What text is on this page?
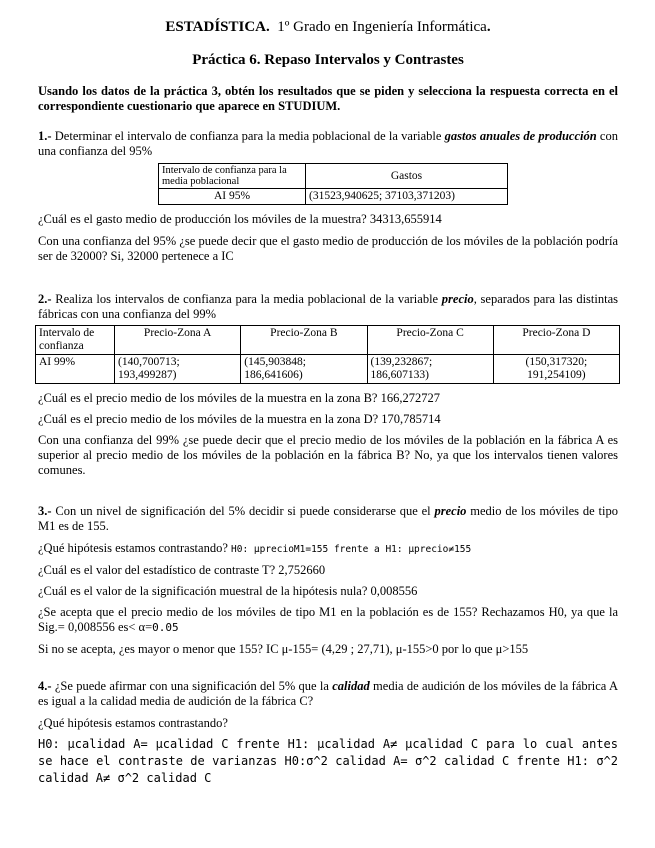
ESTADÍSTICA. 1º Grado en Ingeniería Informática.
Práctica 6. Repaso Intervalos y Contrastes
Usando los datos de la práctica 3, obtén los resultados que se piden y selecciona la respuesta correcta en el correspondiente cuestionario que aparece en STUDIUM.
1.- Determinar el intervalo de confianza para la media poblacional de la variable gastos anuales de producción con una confianza del 95%
Intervalo de confianza para la media poblacional	Gastos
AI 95%	(31523,940625; 37103,371203)
¿Cuál es el gasto medio de producción los móviles de la muestra? 34313,655914
Con una confianza del 95% ¿se puede decir que el gasto medio de producción de los móviles de la población podría ser de 32000? Si, 32000 pertenece a IC
2.- Realiza los intervalos de confianza para la media poblacional de la variable precio, separados para las distintas fábricas con una confianza del 99%
Intervalo de confianza	Precio-Zona A	Precio-Zona B	Precio-Zona C	Precio-Zona D
AI 99%	(140,700713; 193,499287)	(145,903848; 186,641606)	(139,232867; 186,607133)	(150,317320; 191,254109)
¿Cuál es el precio medio de los móviles de la muestra en la zona B? 166,272727
¿Cuál es el precio medio de los móviles de la muestra en la zona D? 170,785714
Con una confianza del 99% ¿se puede decir que el precio medio de los móviles de la población en la fábrica A es superior al precio medio de los móviles de la población en la fábrica B? No, ya que los intervalos tienen valores comunes.
3.- Con un nivel de significación del 5% decidir si puede considerarse que el precio medio de los móviles de tipo M1 es de 155.
¿Qué hipótesis estamos contrastando? H0: μprecioM1=155 frente a H1: μprecio≠155
¿Cuál es el valor del estadístico de contraste T? 2,752660
¿Cuál es el valor de la significación muestral de la hipótesis nula? 0,008556
¿Se acepta que el precio medio de los móviles de tipo M1 en la población es de 155? Rechazamos H0, ya que la Sig.= 0,008556 es< α=0.05
Si no se acepta, ¿es mayor o menor que 155? IC μ-155= (4,29 ; 27,71), μ-155>0 por lo que μ>155
4.- ¿Se puede afirmar con una significación del 5% que la calidad media de audición de los móviles de la fábrica A es igual a la calidad media de audición de la fábrica C?
¿Qué hipótesis estamos contrastando?
H0: μcalidad A= μcalidad C frente H1: μcalidad A≠ μcalidad C para lo cual antes se hace el contraste de varianzas H0:σ^2 calidad A= σ^2 calidad C frente H1: σ^2 calidad A≠ σ^2 calidad C
